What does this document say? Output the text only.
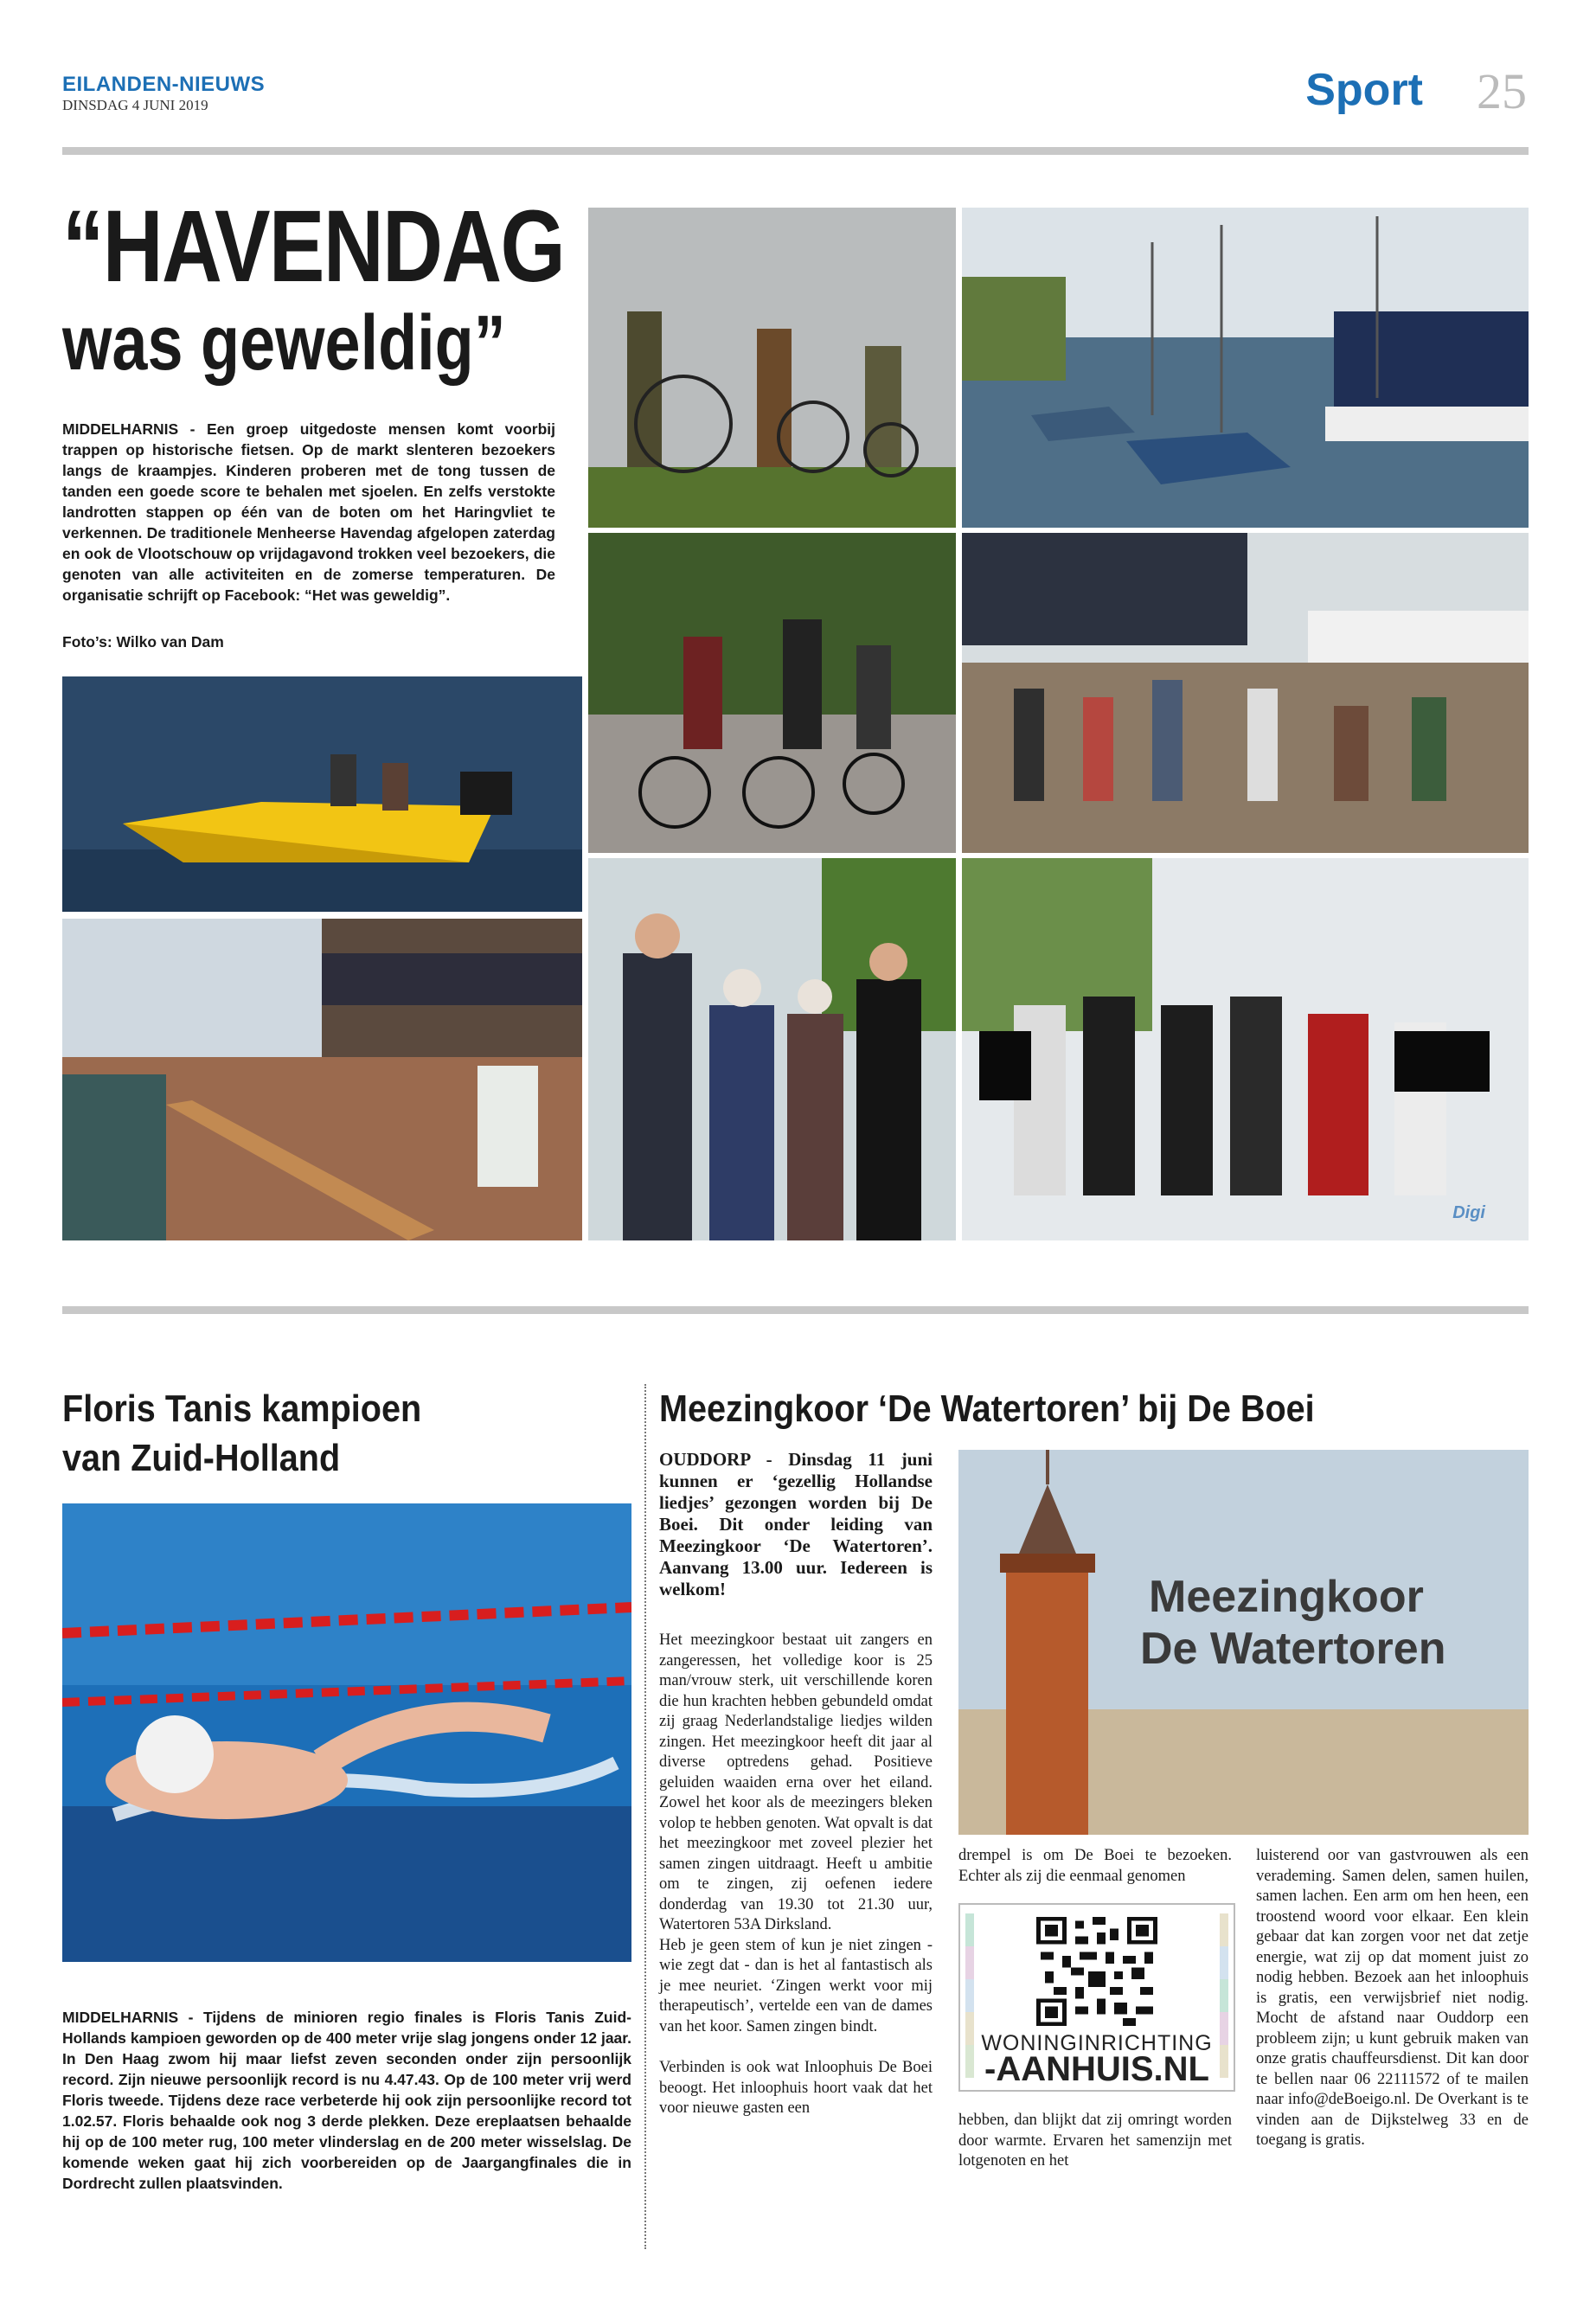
EILANDEN-NIEUWS
DINSDAG 4 JUNI 2019	Sport 25
“HAVENDAG
was geweldig”
MIDDELHARNIS - Een groep uitgedoste mensen komt voorbij trappen op historische fietsen. Op de markt slenteren bezoekers langs de kraampjes. Kinderen proberen met de tong tussen de tanden een goede score te behalen met sjoelen. En zelfs verstokte landrotten stappen op één van de boten om het Haringvliet te verkennen. De traditionele Menheerse Havendag afgelopen zaterdag en ook de Vlootschouw op vrijdagavond trokken veel bezoekers, die genoten van alle activiteiten en de zomerse temperaturen. De organisatie schrijft op Facebook: “Het was geweldig”.
Foto’s: Wilko van Dam
Digi
Floris Tanis kampioen
van Zuid-Holland
MIDDELHARNIS - Tijdens de minioren regio finales is Floris Tanis Zuid-Hollands kampioen geworden op de 400 meter vrije slag jongens onder 12 jaar. In Den Haag zwom hij maar liefst zeven seconden onder zijn persoonlijk record. Zijn nieuwe persoonlijk record is nu 4.47.43. Op de 100 meter vrij werd Floris tweede. Tijdens deze race verbeterde hij ook zijn persoonlijke record tot 1.02.57. Floris behaalde ook nog 3 derde plekken. Deze ereplaatsen behaalde hij op de 100 meter rug, 100 meter vlinderslag en de 200 meter wisselslag. De komende weken gaat hij zich voorbereiden op de Jaargangfinales die in Dordrecht zullen plaatsvinden.
Meezingkoor ‘De Watertoren’ bij De Boei
OUDDORP - Dinsdag 11 juni kunnen er ‘gezellig Hollandse liedjes’ gezongen worden bij De Boei. Dit onder leiding van Meezingkoor ‘De Watertoren’. Aanvang 13.00 uur. Iedereen is welkom!	Meezingkoor
De Watertoren

Het meezingkoor bestaat uit zangers en zangeressen, het volledige koor is 25 man/vrouw sterk, uit verschillende koren die hun krachten hebben gebundeld omdat zij graag Nederlandstalige liedjes wilden zingen. Het meezingkoor heeft dit jaar al diverse optredens gehad. Positieve geluiden waaiden erna over het eiland. Zowel het koor als de meezingers bleken volop te hebben genoten. Wat opvalt is dat het meezingkoor met zoveel plezier het samen zingen uitdraagt. Heeft u ambitie om te zingen, zij oefenen iedere donderdag van 19.30 tot 21.30 uur, Watertoren 53A Dirksland.

Heb je geen stem of kun je niet zingen - wie zegt dat - dan is het al fantastisch als je mee neuriet. ‘Zingen werkt voor mij therapeutisch’, vertelde een van de dames van het koor. Samen zingen bindt.

Verbinden is ook wat Inloophuis De Boei beoogt. Het inloophuis hoort vaak dat het voor nieuwe gasten een

drempel is om De Boei te bezoeken. Echter als zij die eenmaal genomen
WONINGINRICHTING
-AANHUIS.NL
hebben, dan blijkt dat zij omringt worden door warmte. Ervaren het samenzijn met lotgenoten en het
luisterend oor van gastvrouwen als een verademing. Samen delen, samen huilen, samen lachen. Een arm om hen heen, een troostend woord voor elkaar. Een klein gebaar dat kan zorgen voor net dat zetje energie, wat zij op dat moment juist zo nodig hebben. Bezoek aan het inloophuis is gratis, een verwijsbrief niet nodig. Mocht de afstand naar Ouddorp een probleem zijn; u kunt gebruik maken van onze gratis chauffeursdienst. Dit kan door te bellen naar 06 22111572 of te mailen naar info@deBoeigo.nl. De Overkant is te vinden aan de Dijkstelweg 33 en de toegang is gratis.
